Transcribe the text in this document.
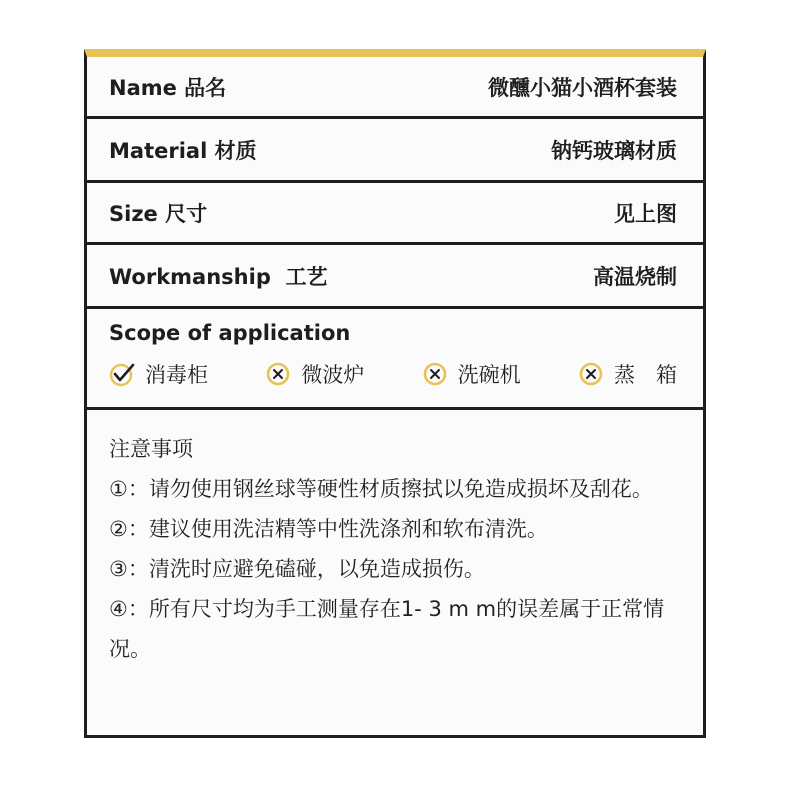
Name 品名	微醺小猫小酒杯套装
Material 材质	钠钙玻璃材质
Size 尺寸	见上图
Workmanship  工艺	高温烧制
Scope of application
消毒柜	微波炉	洗碗机	蒸　箱

注意事项

①：请勿使用钢丝球等硬性材质擦拭以免造成损坏及刮花。

②：建议使用洗洁精等中性洗涤剂和软布清洗。

③：清洗时应避免磕碰，以免造成损伤。

④：所有尺寸均为手工测量存在1- 3 m m的误差属于正常情况。
